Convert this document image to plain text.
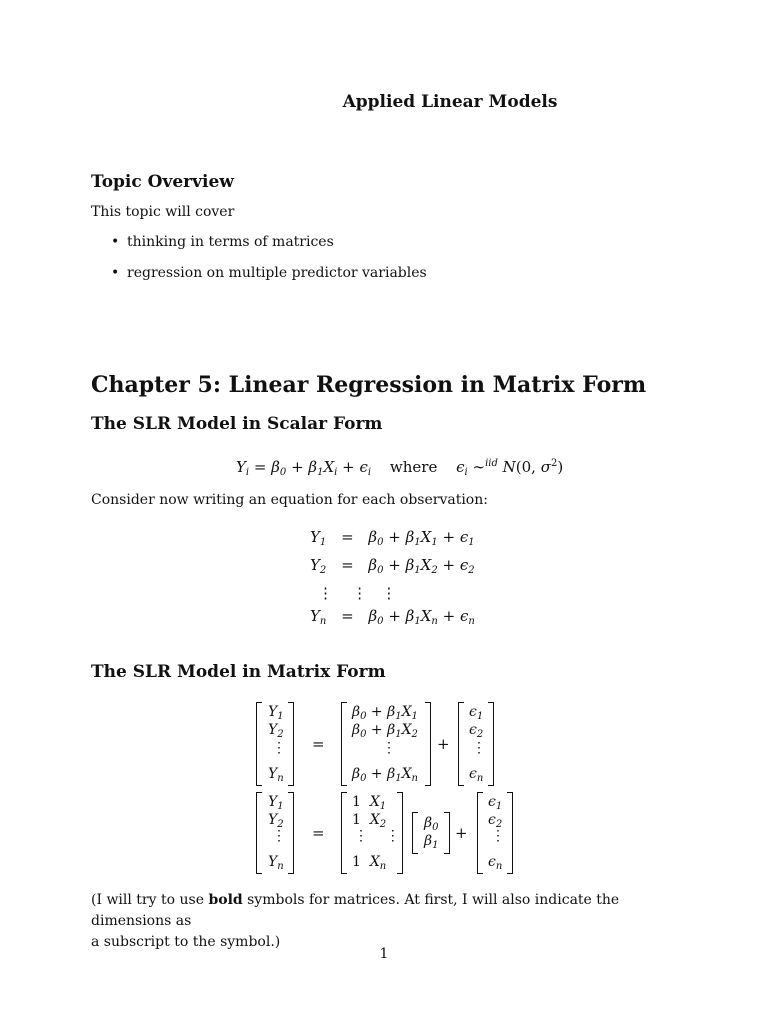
Applied Linear Models
Topic Overview
This topic will cover
• thinking in terms of matrices
• regression on multiple predictor variables
Chapter 5: Linear Regression in Matrix Form
The SLR Model in Scalar Form
$Y_i = \beta_0 + \beta_1X_i + \epsilon_i$ where $\epsilon_i$ ∼$^{iid}$ N(0, $\sigma^2$)
Consider now writing an equation for each observation:
$Y_1 = \beta_0 + \beta_1X_1 + \epsilon_1$
$Y_2 = \beta_0 + \beta_1X_2 + \epsilon_2$
⋮    ⋮   ⋮
$Y_n = \beta_0 + \beta_1X_n + \epsilon_n$
The SLR Model in Matrix Form
$Y_1$
$Y_2$
⋮
$Y_n$
=
$\beta_0 + \beta_1X_1$
$\beta_0 + \beta_1X_2$
⋮
$\beta_0 + \beta_1X_n$
+
$\epsilon_1$
$\epsilon_2$
⋮
$\epsilon_n$
$Y_1$
$Y_2$
⋮
$Y_n$
=
1  $X_1$
1  $X_2$
⋮    ⋮
1  $X_n$
$\beta_0$
$\beta_1$
+
$\epsilon_1$
$\epsilon_2$
⋮
$\epsilon_n$
(I will try to use bold symbols for matrices. At first, I will also indicate the dimensions as
a subscript to the symbol.)
1
